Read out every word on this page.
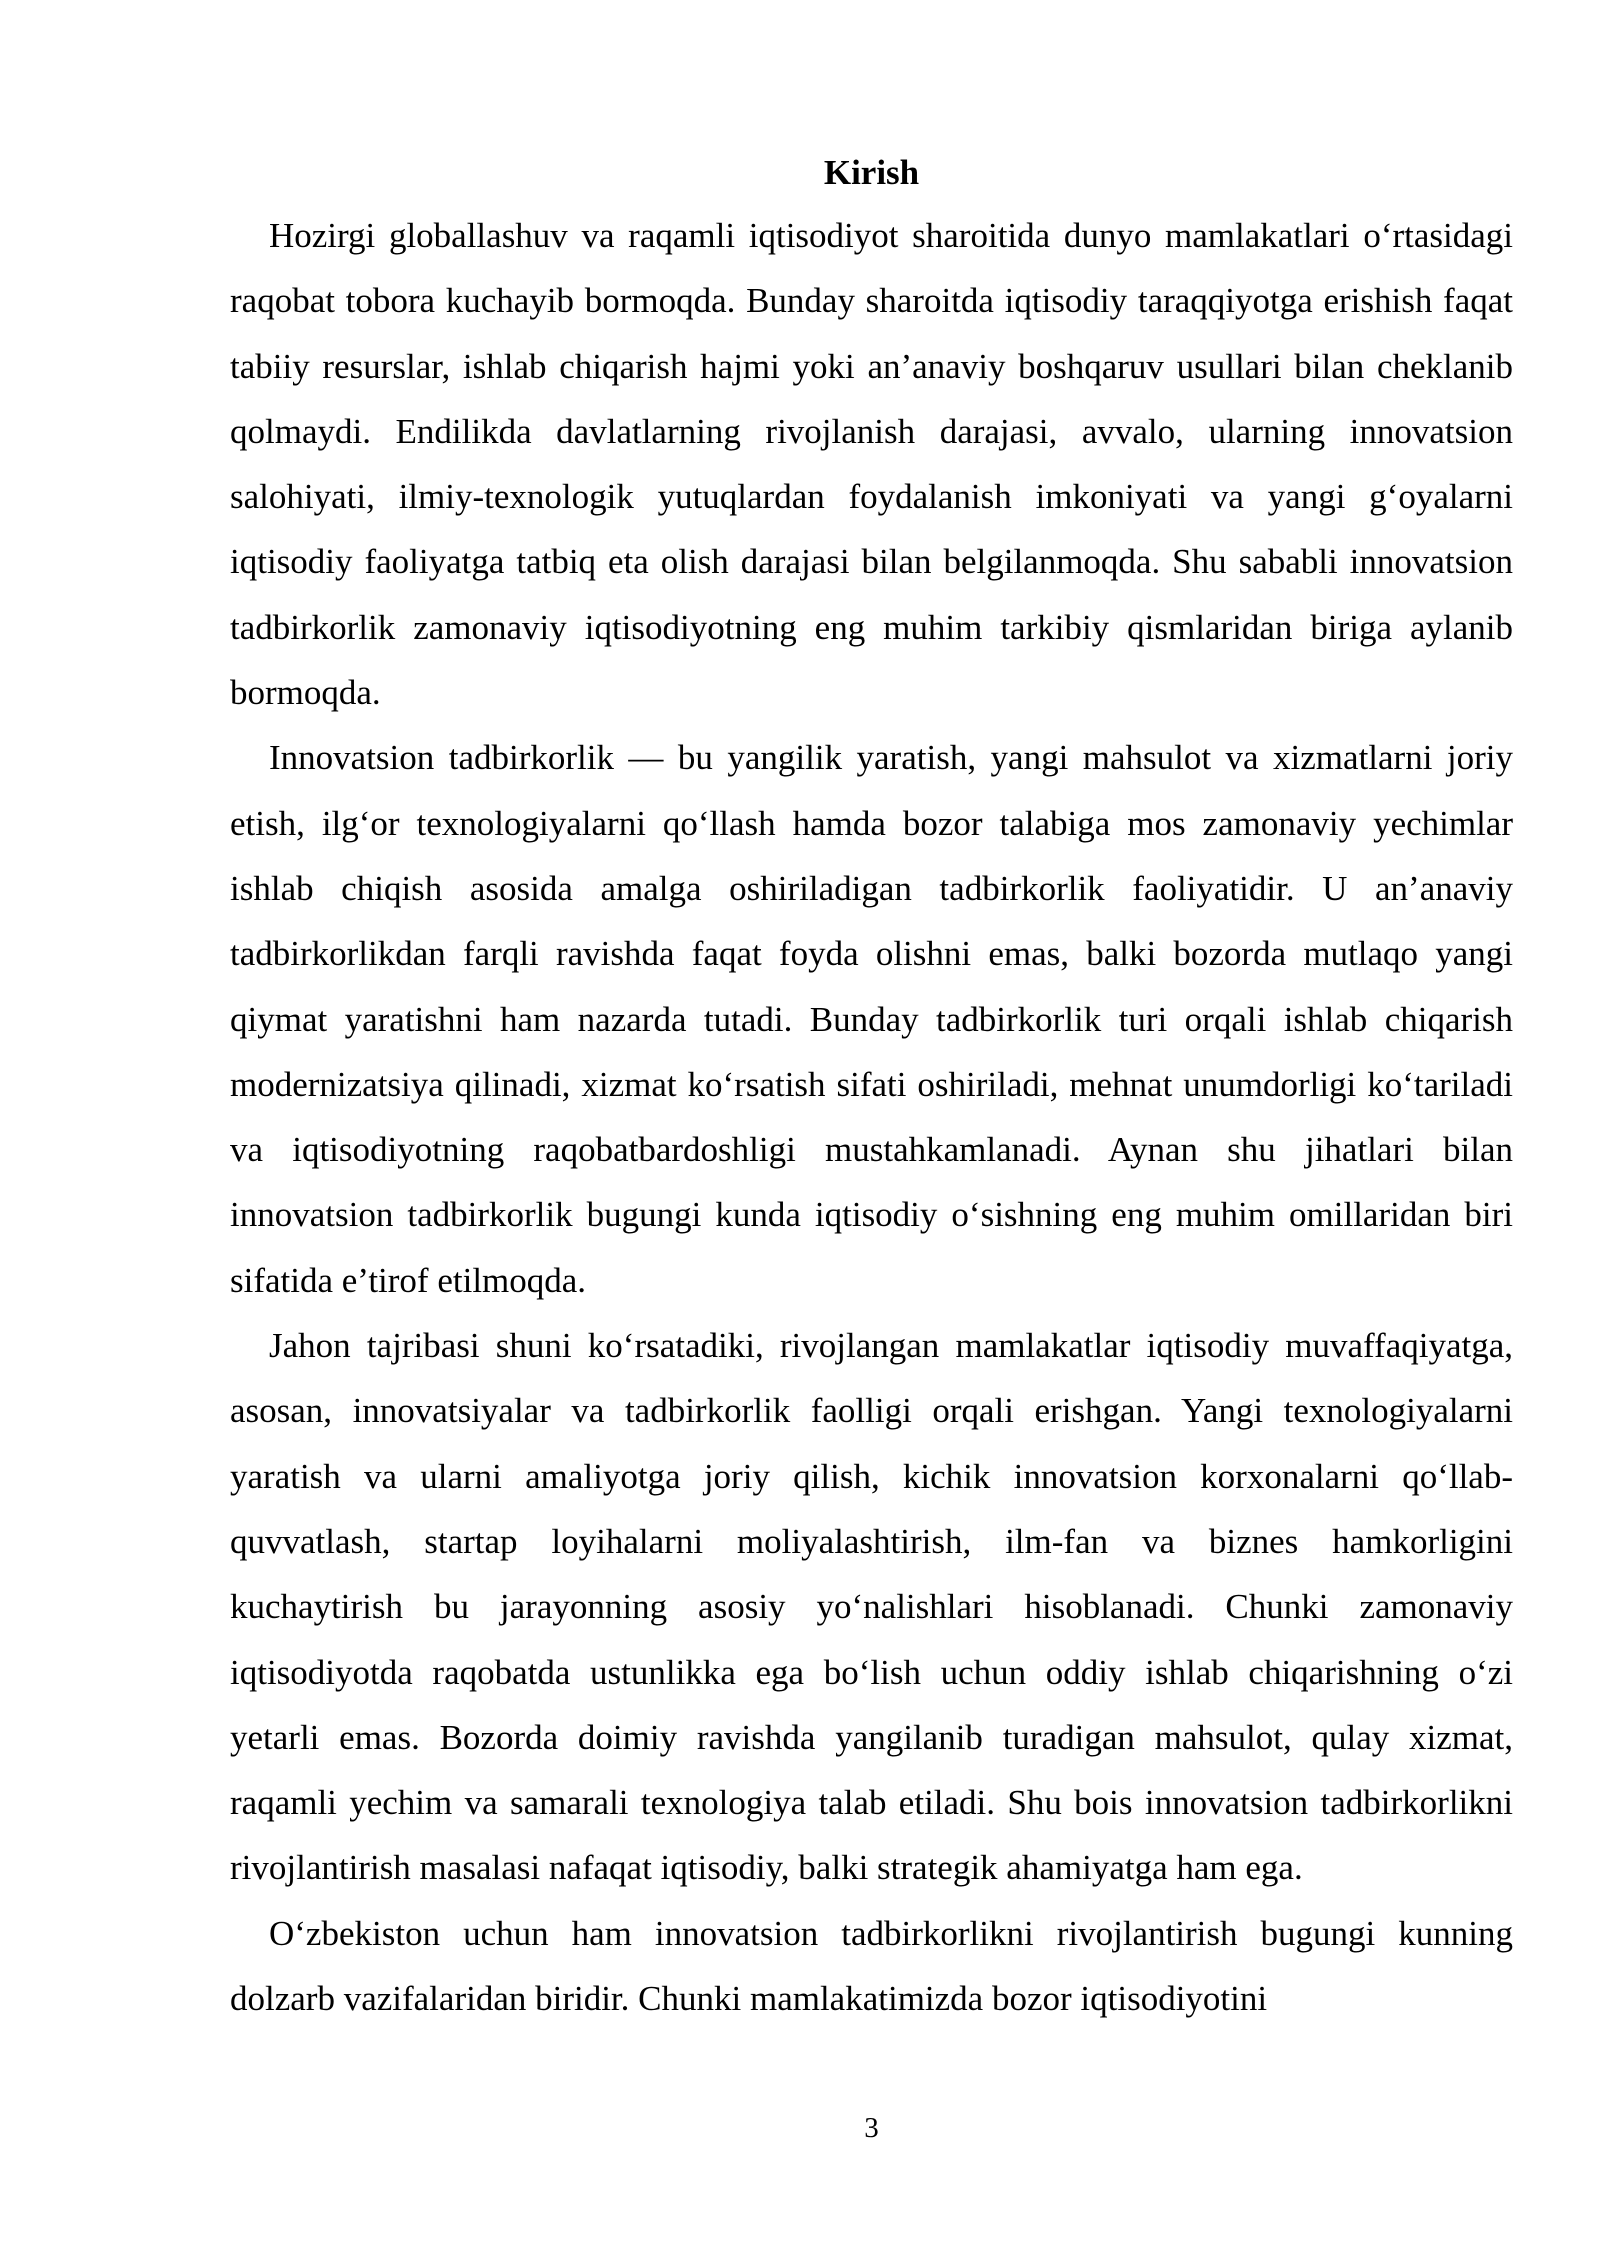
Kirish

Hozirgi globallashuv va raqamli iqtisodiyot sharoitida dunyo mamlakatlari o‘rtasidagi raqobat tobora kuchayib bormoqda. Bunday sharoitda iqtisodiy taraqqiyotga erishish faqat tabiiy resurslar, ishlab chiqarish hajmi yoki an’anaviy boshqaruv usullari bilan cheklanib qolmaydi. Endilikda davlatlarning rivojlanish darajasi, avvalo, ularning innovatsion salohiyati, ilmiy-texnologik yutuqlardan foydalanish imkoniyati va yangi g‘oyalarni iqtisodiy faoliyatga tatbiq eta olish darajasi bilan belgilanmoqda. Shu sababli innovatsion tadbirkorlik zamonaviy iqtisodiyotning eng muhim tarkibiy qismlaridan biriga aylanib bormoqda.

Innovatsion tadbirkorlik — bu yangilik yaratish, yangi mahsulot va xizmatlarni joriy etish, ilg‘or texnologiyalarni qo‘llash hamda bozor talabiga mos zamonaviy yechimlar ishlab chiqish asosida amalga oshiriladigan tadbirkorlik faoliyatidir. U an’anaviy tadbirkorlikdan farqli ravishda faqat foyda olishni emas, balki bozorda mutlaqo yangi qiymat yaratishni ham nazarda tutadi. Bunday tadbirkorlik turi orqali ishlab chiqarish modernizatsiya qilinadi, xizmat ko‘rsatish sifati oshiriladi, mehnat unumdorligi ko‘tariladi va iqtisodiyotning raqobatbardoshligi mustahkamlanadi. Aynan shu jihatlari bilan innovatsion tadbirkorlik bugungi kunda iqtisodiy o‘sishning eng muhim omillaridan biri sifatida e’tirof etilmoqda.

Jahon tajribasi shuni ko‘rsatadiki, rivojlangan mamlakatlar iqtisodiy muvaffaqiyatga, asosan, innovatsiyalar va tadbirkorlik faolligi orqali erishgan. Yangi texnologiyalarni yaratish va ularni amaliyotga joriy qilish, kichik innovatsion korxonalarni qo‘llab-quvvatlash, startap loyihalarni moliyalashtirish, ilm-fan va biznes hamkorligini kuchaytirish bu jarayonning asosiy yo‘nalishlari hisoblanadi. Chunki zamonaviy iqtisodiyotda raqobatda ustunlikka ega bo‘lish uchun oddiy ishlab chiqarishning o‘zi yetarli emas. Bozorda doimiy ravishda yangilanib turadigan mahsulot, qulay xizmat, raqamli yechim va samarali texnologiya talab etiladi. Shu bois innovatsion tadbirkorlikni rivojlantirish masalasi nafaqat iqtisodiy, balki strategik ahamiyatga ham ega.

O‘zbekiston uchun ham innovatsion tadbirkorlikni rivojlantirish bugungi kunning dolzarb vazifalaridan biridir. Chunki mamlakatimizda bozor iqtisodiyotini

3
